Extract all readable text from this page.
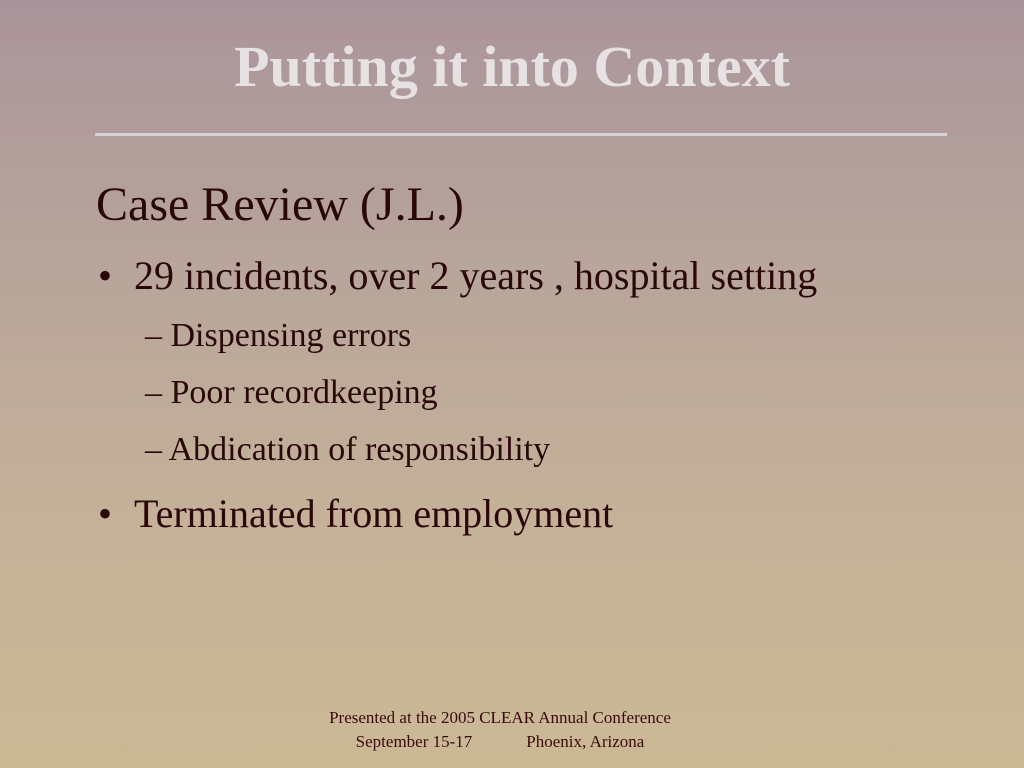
Putting it into Context
Case Review (J.L.)
• 29 incidents, over 2 years , hospital setting
– Dispensing errors
– Poor recordkeeping
– Abdication of responsibility
• Terminated from employment
Presented at the 2005 CLEAR Annual Conference
September 15-17	Phoenix, Arizona
